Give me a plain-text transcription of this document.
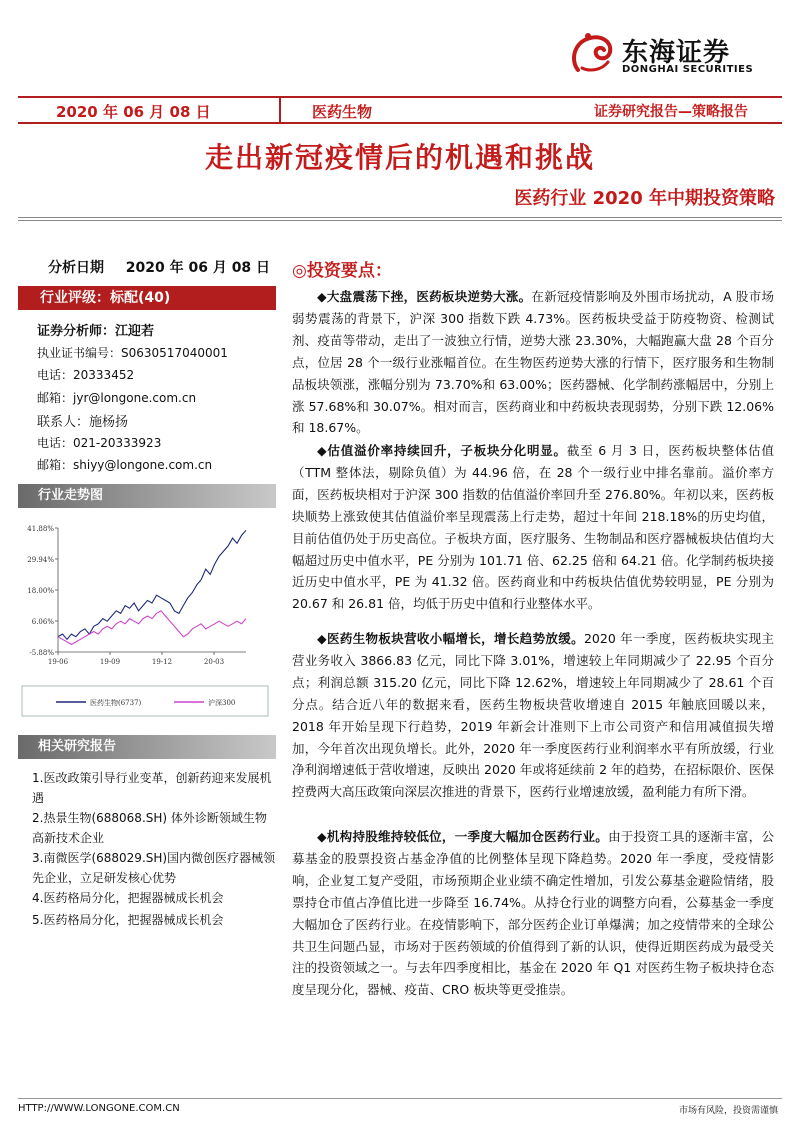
东海证券
DONGHAI SECURITIES
2020 年 06 月 08 日	医药生物	证券研究报告—策略报告
走出新冠疫情后的机遇和挑战
医药行业 2020 年中期投资策略
分析日期 2020 年 06 月 08 日
行业评级：标配(40)
证券分析师：江迎若
执业证书编号：S0630517040001
电话：20333452
邮箱：jyr@longone.com.cn
联系人：施杨扬
电话：021-20333923
邮箱：shiyy@longone.com.cn
行业走势图
41.88%
29.94%
18.00%
6.06%
-5.88%
19-06	19-09	19-12	20-03
医药生物(6737)	沪深300
相关研究报告
1.医改政策引导行业变革，创新药迎来发展机遇
2.热景生物(688068.SH) 体外诊断领域生物高新技术企业
3.南微医学(688029.SH)国内微创医疗器械领先企业，立足研发核心优势
4.医药格局分化，把握器械成长机会
5.医药格局分化，把握器械成长机会
◎投资要点：

◆大盘震荡下挫，医药板块逆势大涨。在新冠疫情影响及外围市场扰动，A 股市场弱势震荡的背景下，沪深 300 指数下跌 4.73%。医药板块受益于防疫物资、检测试剂、疫苗等带动，走出了一波独立行情，逆势大涨 23.30%，大幅跑赢大盘 28 个百分点，位居 28 个一级行业涨幅首位。在生物医药逆势大涨的行情下，医疗服务和生物制品板块领涨，涨幅分别为 73.70%和 63.00%；医药器械、化学制药涨幅居中，分别上涨 57.68%和 30.07%。相对而言，医药商业和中药板块表现弱势，分别下跌 12.06%和 18.67%。

◆估值溢价率持续回升，子板块分化明显。截至 6 月 3 日，医药板块整体估值（TTM 整体法，剔除负值）为 44.96 倍，在 28 个一级行业中排名靠前。溢价率方面，医药板块相对于沪深 300 指数的估值溢价率回升至 276.80%。年初以来，医药板块顺势上涨致使其估值溢价率呈现震荡上行走势，超过十年间 218.18%的历史均值，目前估值仍处于历史高位。子板块方面，医疗服务、生物制品和医疗器械板块估值均大幅超过历史中值水平，PE 分别为 101.71 倍、62.25 倍和 64.21 倍。化学制药板块接近历史中值水平，PE 为 41.32 倍。医药商业和中药板块估值优势较明显，PE 分别为 20.67 和 26.81 倍，均低于历史中值和行业整体水平。

◆医药生物板块营收小幅增长，增长趋势放缓。2020 年一季度，医药板块实现主营业务收入 3866.83 亿元，同比下降 3.01%，增速较上年同期减少了 22.95 个百分点；利润总额 315.20 亿元，同比下降 12.62%，增速较上年同期减少了 28.61 个百分点。结合近八年的数据来看，医药生物板块营收增速自 2015 年触底回暖以来，2018 年开始呈现下行趋势，2019 年新会计准则下上市公司资产和信用减值损失增加，今年首次出现负增长。此外，2020 年一季度医药行业利润率水平有所放缓，行业净利润增速低于营收增速，反映出 2020 年或将延续前 2 年的趋势，在招标限价、医保控费两大高压政策向深层次推进的背景下，医药行业增速放缓，盈利能力有所下滑。

◆机构持股维持较低位，一季度大幅加仓医药行业。由于投资工具的逐渐丰富，公募基金的股票投资占基金净值的比例整体呈现下降趋势。2020 年一季度，受疫情影响，企业复工复产受阻，市场预期企业业绩不确定性增加，引发公募基金避险情绪，股票持仓市值占净值比进一步降至 16.74%。从持仓行业的调整方向看，公募基金一季度大幅加仓了医药行业。在疫情影响下，部分医药企业订单爆满；加之疫情带来的全球公共卫生问题凸显，市场对于医药领域的价值得到了新的认识，使得近期医药成为最受关注的投资领域之一。与去年四季度相比，基金在 2020 年 Q1 对医药生物子板块持仓态度呈现分化，器械、疫苗、CRO 板块等更受推崇。

HTTP://WWW.LONGONE.COM.CN	市场有风险，投资需谨慎
